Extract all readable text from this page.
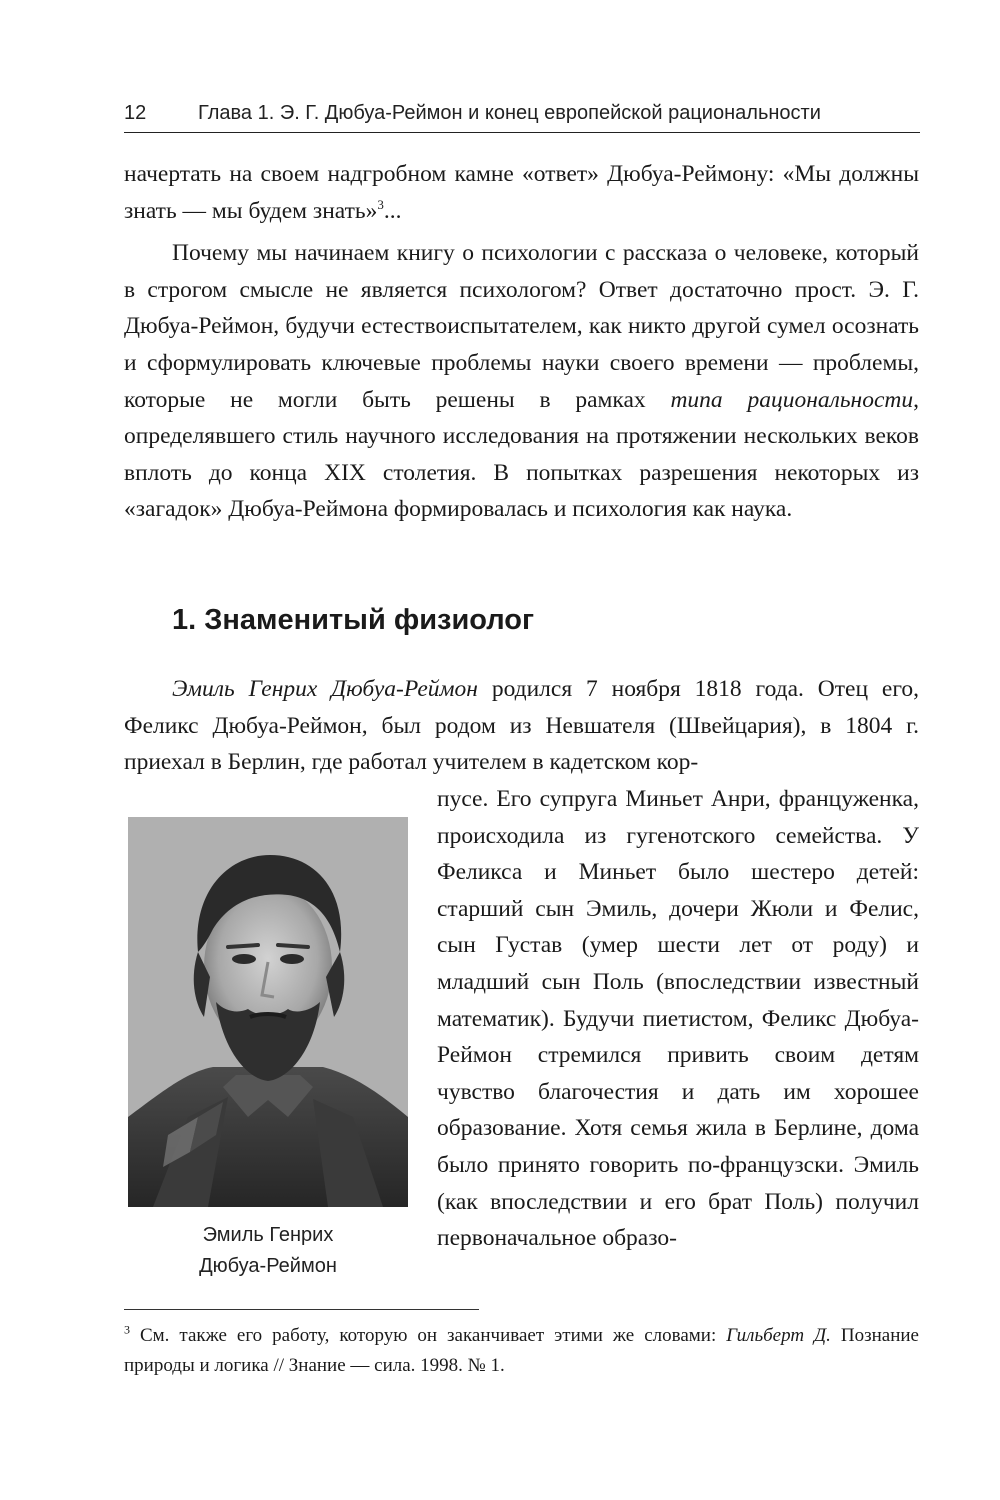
12	Глава 1. Э. Г. Дюбуа-Реймон и конец европейской рациональности

начертать на своем надгробном камне «ответ» Дюбуа-Реймону: «Мы должны знать — мы будем знать»$^3$...

Почему мы начинаем книгу о психологии с рассказа о человеке, который в строгом смысле не является психологом? Ответ достаточно прост. Э. Г. Дюбуа-Реймон, будучи естествоиспытателем, как никто другой сумел осознать и сформулировать ключевые проблемы науки своего времени — проблемы, которые не могли быть решены в рамках типа рациональности, определявшего стиль научного исследования на протяжении нескольких веков вплоть до конца XIX столетия. В попытках разрешения некоторых из «загадок» Дюбуа-Реймона формировалась и психология как наука.

1. Знаменитый физиолог

Эмиль Генрих Дюбуа-Реймон родился 7 ноября 1818 года. Отец его, Феликс Дюбуа-Реймон, был родом из Невшателя (Швейцария), в 1804 г. приехал в Берлин, где работал учителем в кадетском кор-

пусе. Его супруга Миньет Анри, француженка, происходила из гугенотского семейства. У Феликса и Миньет было шестеро детей: старший сын Эмиль, дочери Жюли и Фелис, сын Густав (умер шести лет от роду) и младший сын Поль (впоследствии известный математик). Будучи пиетистом, Феликс Дюбуа-Реймон стремился привить своим детям чувство благочестия и дать им хорошее образование. Хотя семья жила в Берлине, дома было принято говорить по-французски. Эмиль (как впоследствии и его брат Поль) получил первоначальное образо-

Эмиль Генрих
Дюбуа-Реймон

$^3$ См. также его работу, которую он заканчивает этими же словами: Гильберт Д. Познание природы и логика // Знание — сила. 1998. № 1.
